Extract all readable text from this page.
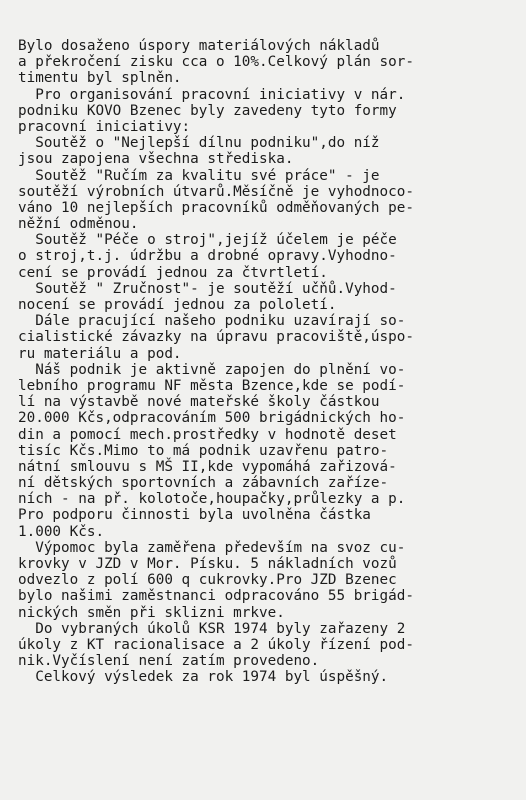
Bylo dosaženo úspory materiálových nákladů
a překročení zisku cca o 10%.Celkový plán sor-
timentu byl splněn.
Pro organisování pracovní iniciativy v nár.
podniku KOVO Bzenec byly zavedeny tyto formy
pracovní iniciativy:
Soutěž o "Nejlepší dílnu podniku",do níž
jsou zapojena všechna střediska.
Soutěž "Ručím za kvalitu své práce" - je
soutěží výrobních útvarů.Měsíčně je vyhodnoco-
váno 10 nejlepších pracovníků odměňovaných pe-
něžní odměnou.
Soutěž "Péče o stroj",jejíž účelem je péče
o stroj,t.j. údržbu a drobné opravy.Vyhodno-
cení se provádí jednou za čtvrtletí.
Soutěž " Zručnost"- je soutěží učňů.Vyhod-
nocení se provádí jednou za pololetí.
Dále pracující našeho podniku uzavírají so-
cialistické závazky na úpravu pracoviště,úspo-
ru materiálu a pod.
Náš podnik je aktivně zapojen do plnění vo-
lebního programu NF města Bzence,kde se podí-
lí na výstavbě nové mateřské školy částkou
20.000 Kčs,odpracováním 500 brigádnických ho-
din a pomocí mech.prostředky v hodnotě deset
tisíc Kčs.Mimo to má podnik uzavřenu patro-
nátní smlouvu s MŠ II,kde vypomáhá zařizová-
ní dětských sportovních a zábavních zaříze-
ních - na př. kolotoče,houpačky,průlezky a p.
Pro podporu činnosti byla uvolněna částka
1.000 Kčs.
Výpomoc byla zaměřena především na svoz cu-
krovky v JZD v Mor. Písku. 5 nákladních vozů
odvezlo z polí 600 q cukrovky.Pro JZD Bzenec
bylo našimi zaměstnanci odpracováno 55 brigád-
nických směn při sklizni mrkve.
Do vybraných úkolů KSR 1974 byly zařazeny 2
úkoly z KT racionalisace a 2 úkoly řízení pod-
nik.Vyčíslení není zatím provedeno.
Celkový výsledek za rok 1974 byl úspěšný.
